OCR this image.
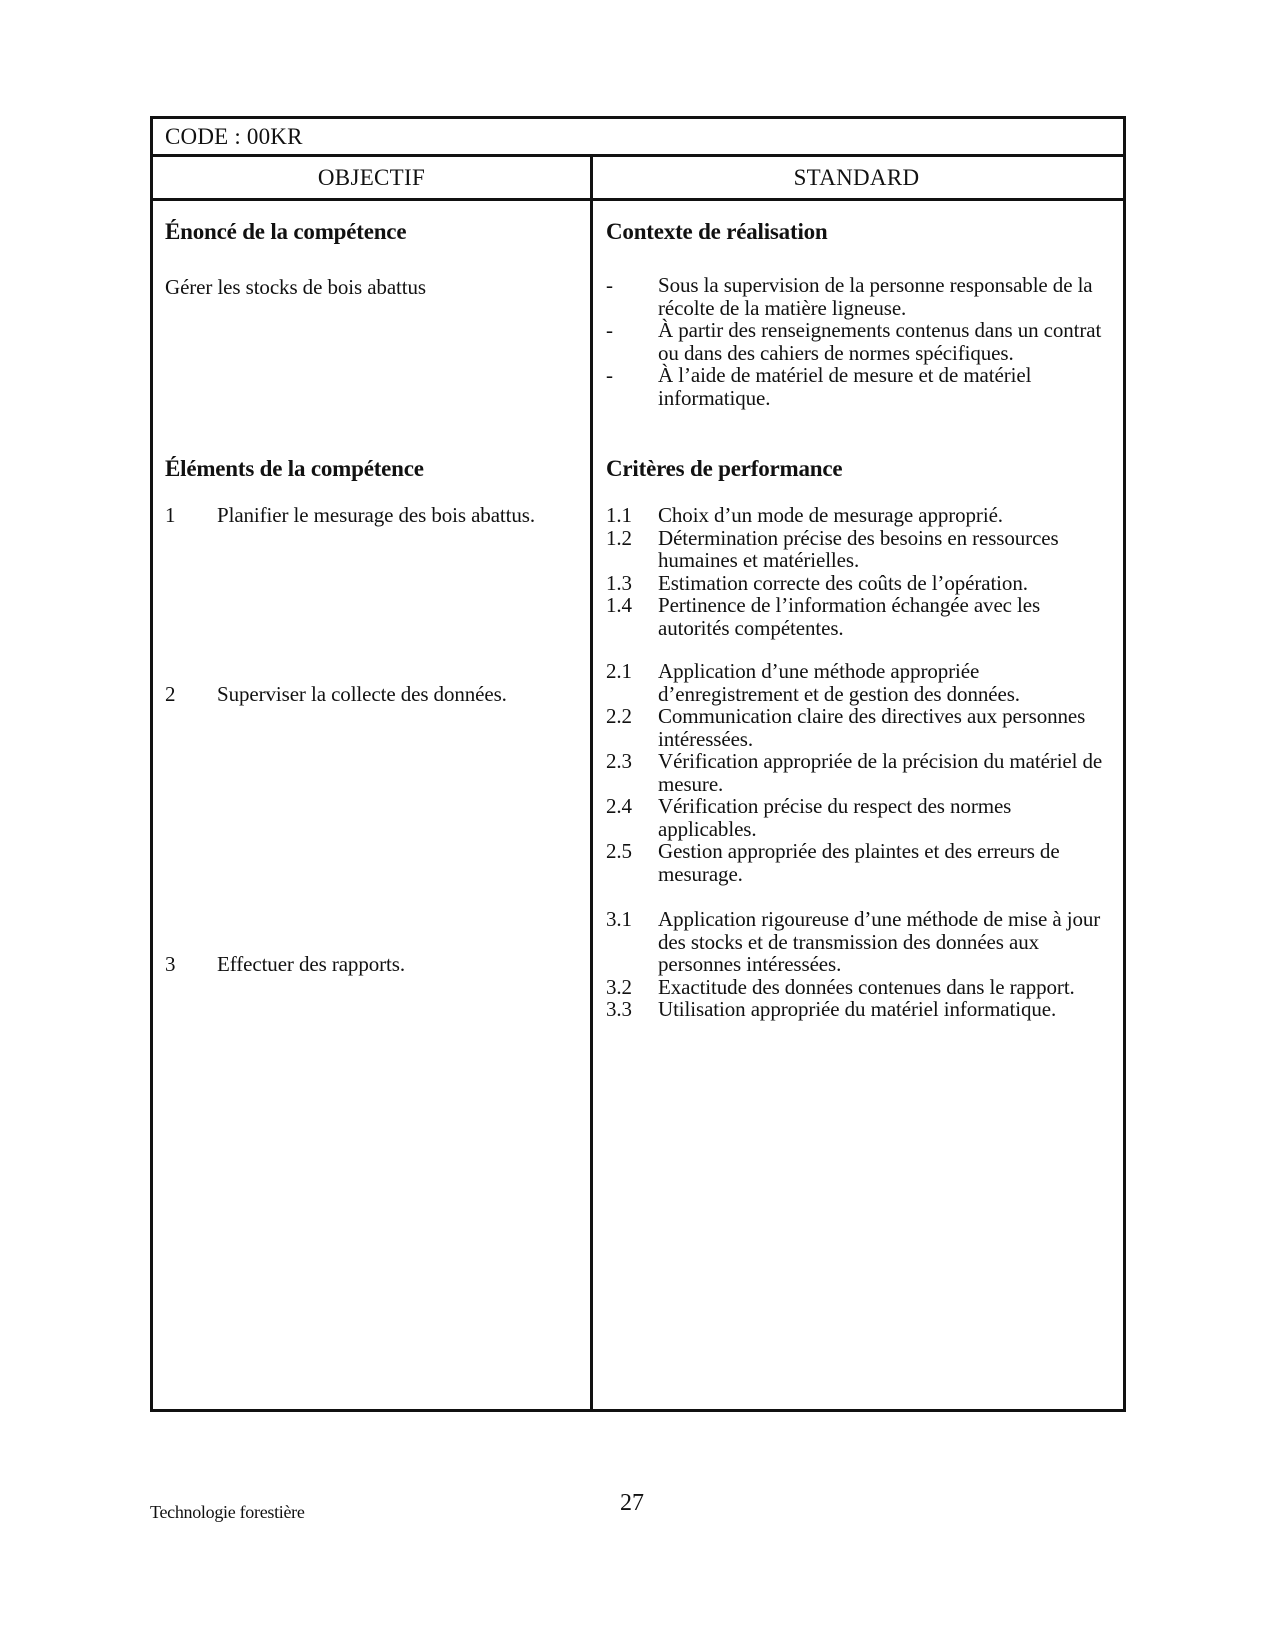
CODE : 00KR
OBJECTIF	STANDARD
Énoncé de la compétence
Gérer les stocks de bois abattus
Éléments de la compétence
1 Planifier le mesurage des bois abattus.
2 Superviser la collecte des données.
3 Effectuer des rapports.
Contexte de réalisation
- Sous la supervision de la personne responsable de la récolte de la matière ligneuse.
- À partir des renseignements contenus dans un contrat ou dans des cahiers de normes spécifiques.
- À l’aide de matériel de mesure et de matériel informatique.
Critères de performance
1.1 Choix d’un mode de mesurage approprié.
1.2 Détermination précise des besoins en ressources humaines et matérielles.
1.3 Estimation correcte des coûts de l’opération.
1.4 Pertinence de l’information échangée avec les autorités compétentes.
2.1 Application d’une méthode appropriée d’enregistrement et de gestion des données.
2.2 Communication claire des directives aux personnes intéressées.
2.3 Vérification appropriée de la précision du matériel de mesure.
2.4 Vérification précise du respect des normes applicables.
2.5 Gestion appropriée des plaintes et des erreurs de mesurage.
3.1 Application rigoureuse d’une méthode de mise à jour des stocks et de transmission des données aux personnes intéressées.
3.2 Exactitude des données contenues dans le rapport.
3.3 Utilisation appropriée du matériel informatique.
Technologie forestière	27
